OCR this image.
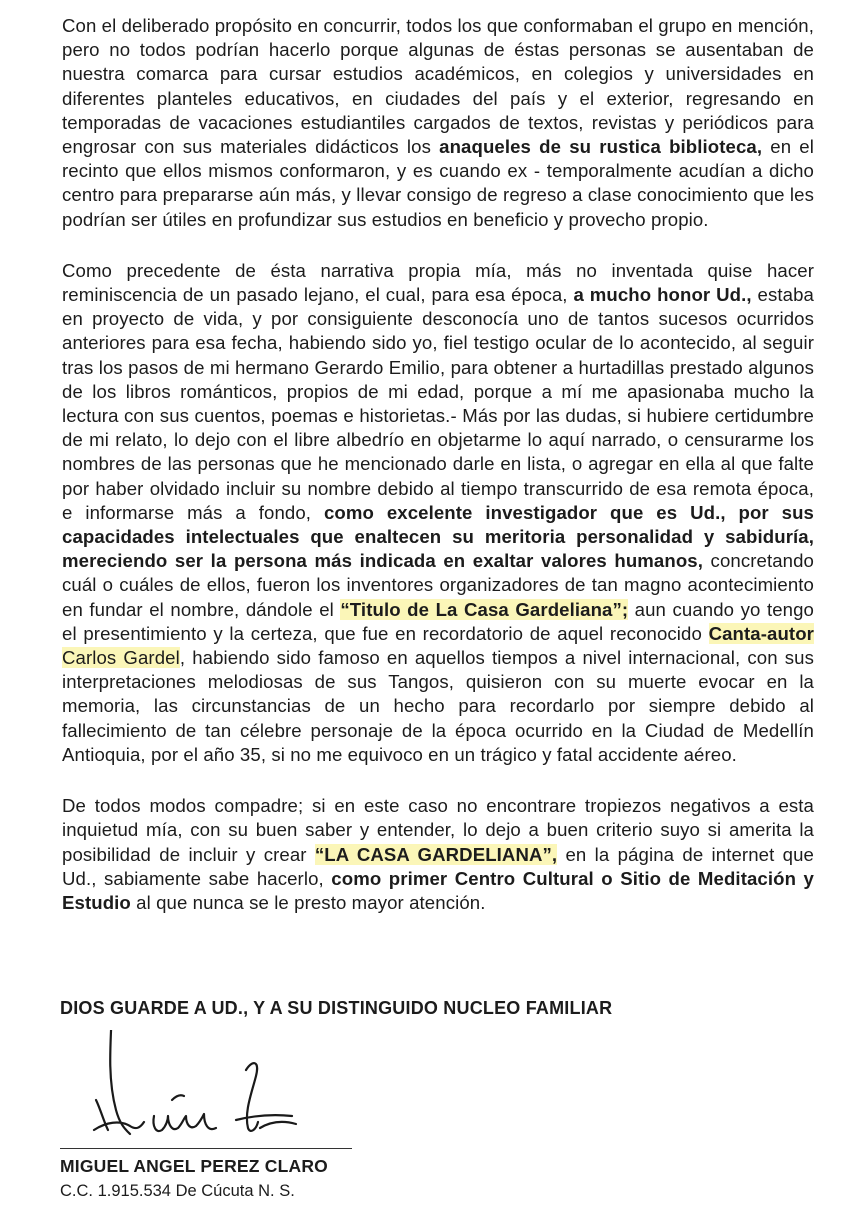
Con el deliberado propósito en concurrir, todos los que conformaban el grupo en mención, pero no todos podrían hacerlo porque algunas de éstas personas se ausentaban de nuestra comarca para cursar estudios académicos, en colegios y universidades en diferentes planteles educativos, en ciudades del país y el exterior, regresando en temporadas de vacaciones estudiantiles cargados de textos, revistas y periódicos para engrosar con sus materiales didácticos los anaqueles de su rustica biblioteca, en el recinto que ellos mismos conformaron, y es cuando ex - temporalmente acudían a dicho centro para prepararse aún más, y llevar consigo de regreso a clase conocimiento que les podrían ser útiles en profundizar sus estudios en beneficio y provecho propio.

Como precedente de ésta narrativa propia mía, más no inventada quise hacer reminiscencia de un pasado lejano, el cual, para esa época, a mucho honor Ud., estaba en proyecto de vida, y por consiguiente desconocía uno de tantos sucesos ocurridos anteriores para esa fecha, habiendo sido yo, fiel testigo ocular de lo acontecido, al seguir tras los pasos de mi hermano Gerardo Emilio, para obtener a hurtadillas prestado algunos de los libros románticos, propios de mi edad, porque a mí me apasionaba mucho la lectura con sus cuentos, poemas e historietas.- Más por las dudas, si hubiere certidumbre de mi relato, lo dejo con el libre albedrío en objetarme lo aquí narrado, o censurarme los nombres de las personas que he mencionado darle en lista, o agregar en ella al que falte por haber olvidado incluir su nombre debido al tiempo transcurrido de esa remota época, e informarse más a fondo, como excelente investigador que es Ud., por sus capacidades intelectuales que enaltecen su meritoria personalidad y sabiduría, mereciendo ser la persona más indicada en exaltar valores humanos, concretando cuál o cuáles de ellos, fueron los inventores organizadores de tan magno acontecimiento en fundar el nombre, dándole el “Titulo de La Casa Gardeliana”; aun cuando yo tengo el presentimiento y la certeza, que fue en recordatorio de aquel reconocido Canta-autor Carlos Gardel, habiendo sido famoso en aquellos tiempos a nivel internacional, con sus interpretaciones melodiosas de sus Tangos, quisieron con su muerte evocar en la memoria, las circunstancias de un hecho para recordarlo por siempre debido al fallecimiento de tan célebre personaje de la época ocurrido en la Ciudad de Medellín Antioquia, por el año 35, si no me equivoco en un trágico y fatal accidente aéreo.

De todos modos compadre; si en este caso no encontrare tropiezos negativos a esta inquietud mía, con su buen saber y entender, lo dejo a buen criterio suyo si amerita la posibilidad de incluir y crear “LA CASA GARDELIANA”, en la página de internet que Ud., sabiamente sabe hacerlo, como primer Centro Cultural o Sitio de Meditación y Estudio al que nunca se le presto mayor atención.

DIOS GUARDE A UD., Y A SU DISTINGUIDO NUCLEO FAMILIAR
MIGUEL ANGEL PEREZ CLARO
C.C. 1.915.534 De Cúcuta N. S.
